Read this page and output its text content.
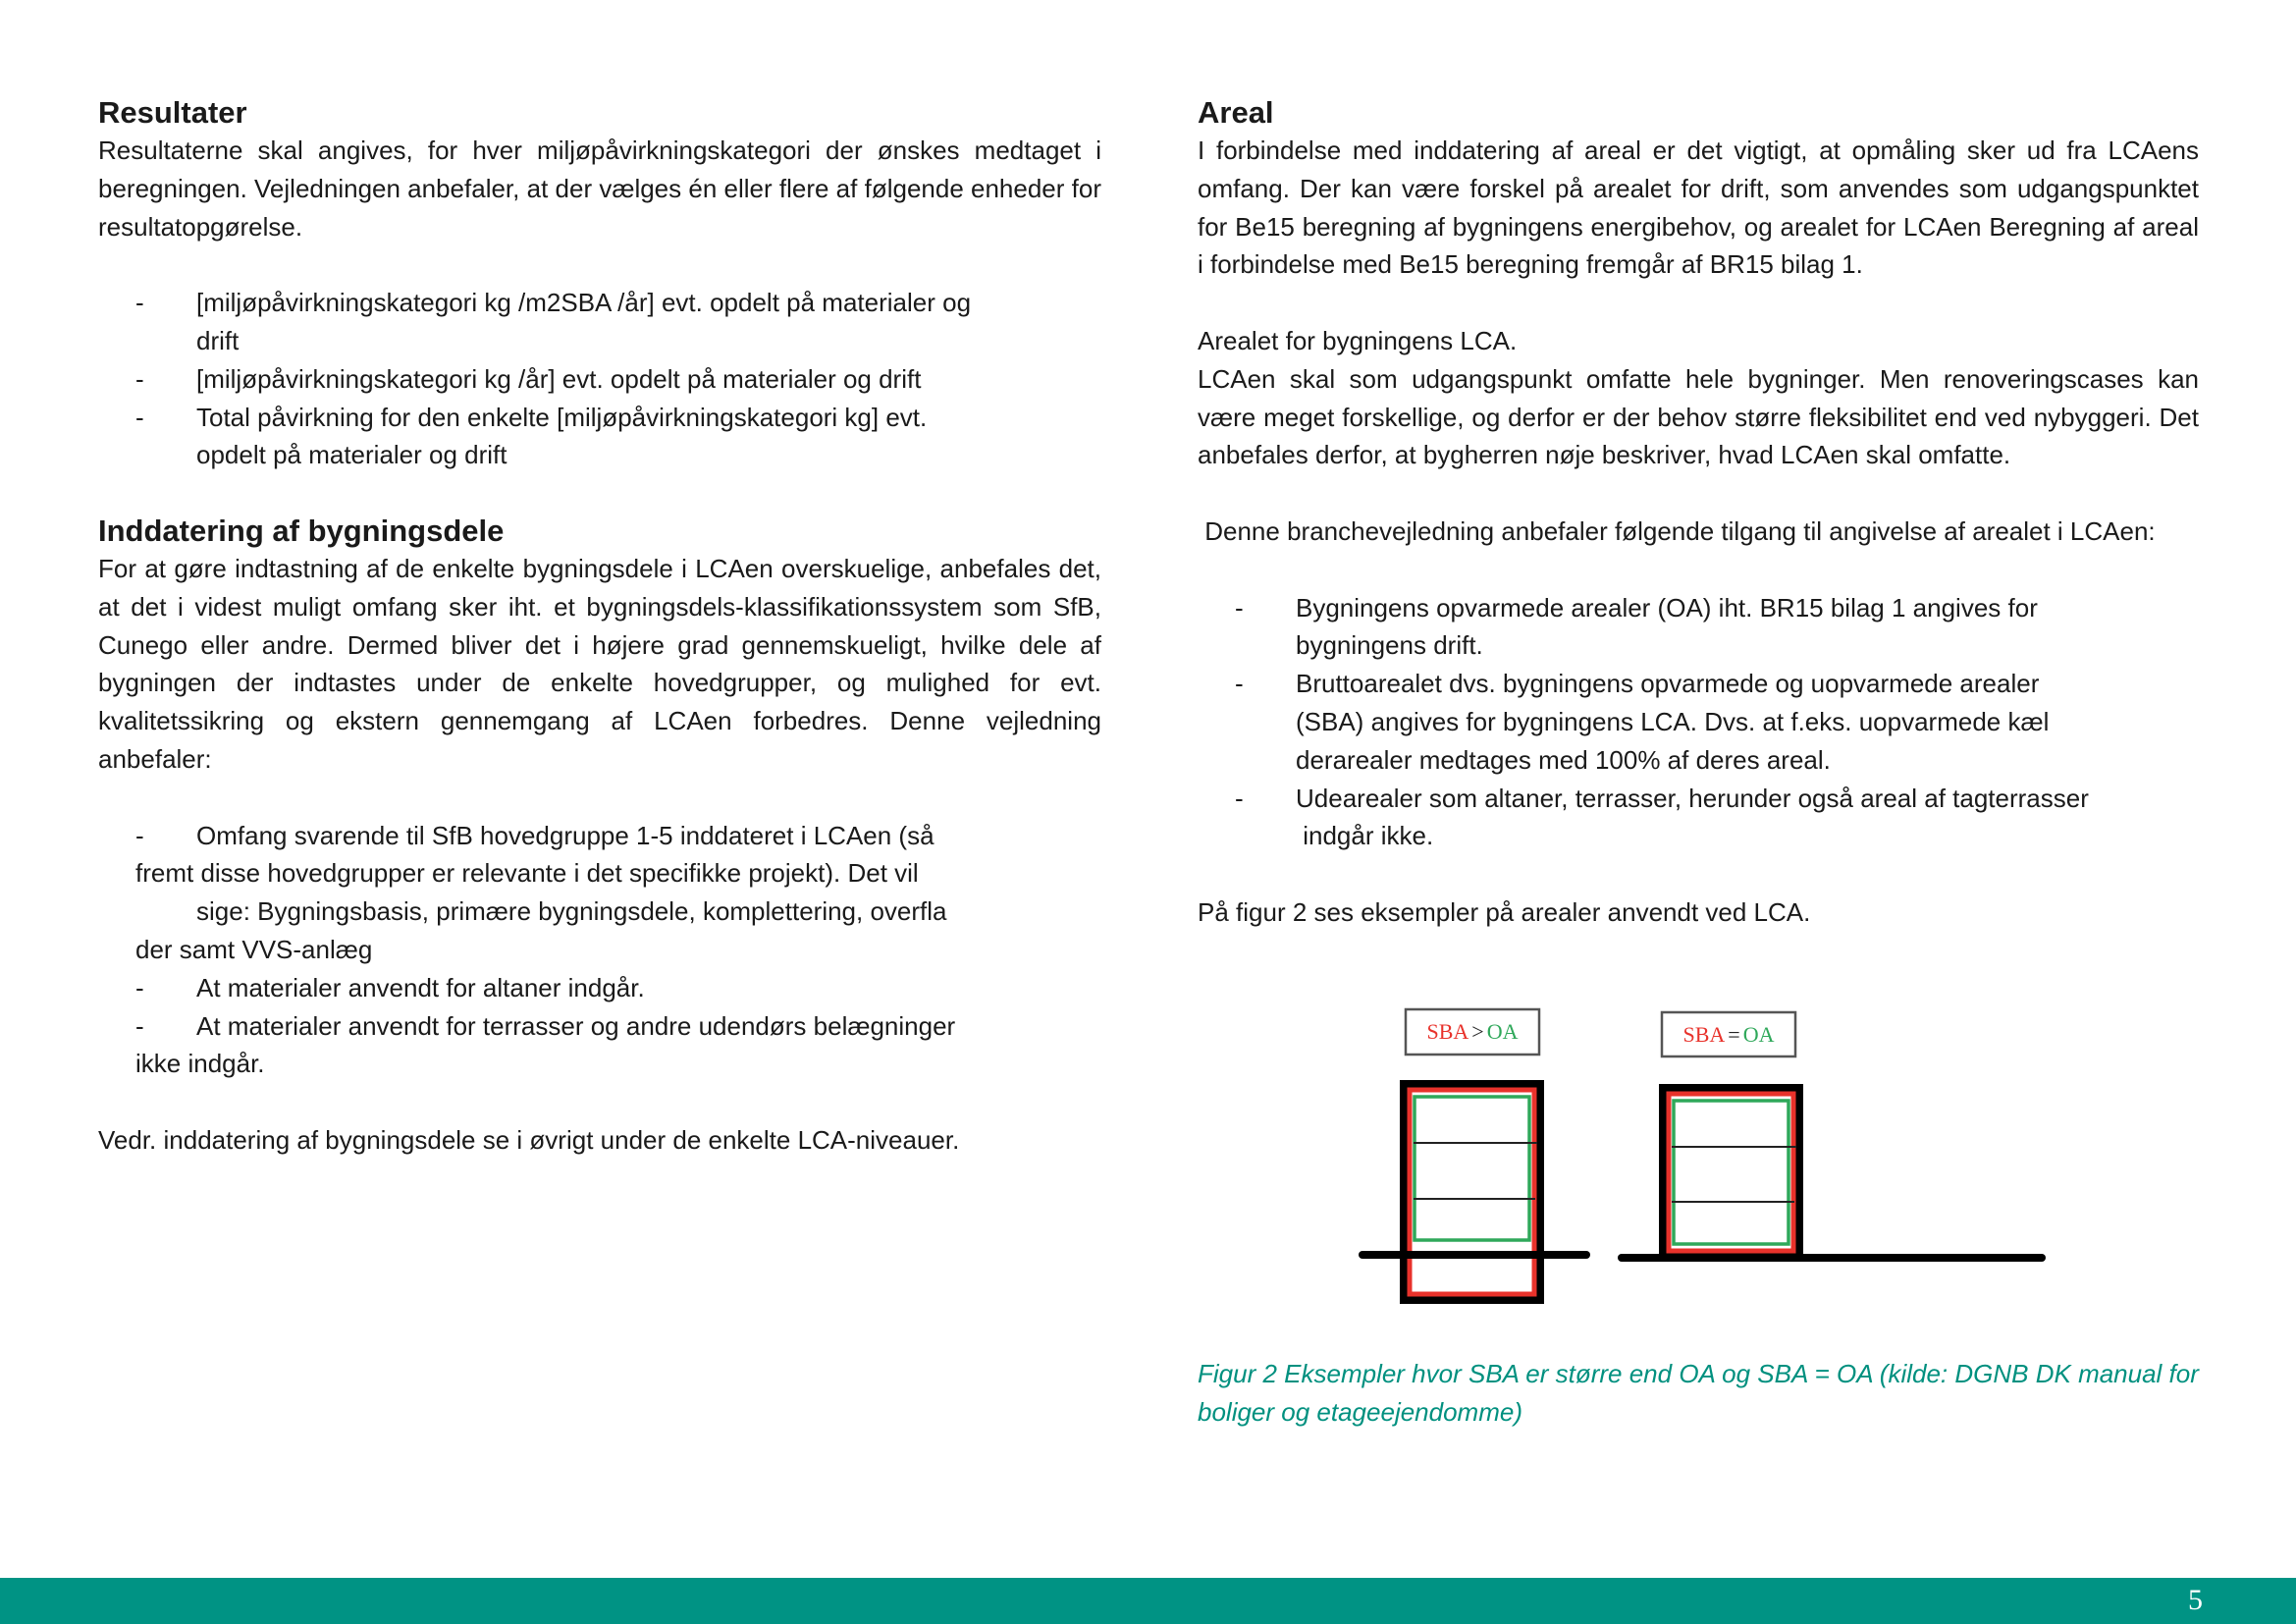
Resultater

Resultaterne skal angives, for hver miljøpåvirkningskategori der ønskes medtaget i beregningen. Vejledningen anbefaler, at der vælges én eller flere af følgende enheder for resultatopgørelse.

- [miljøpåvirkningskategori kg /m2SBA /år] evt. opdelt på materialer og
drift
- [miljøpåvirkningskategori kg /år] evt. opdelt på materialer og drift
- Total påvirkning for den enkelte [miljøpåvirkningskategori kg] evt.
opdelt på materialer og drift
Inddatering af bygningsdele

For at gøre indtastning af de enkelte bygningsdele i LCAen overskuelige, anbefales det, at det i videst muligt omfang sker iht. et bygningsdels-klassifikationssystem som SfB, Cunego eller andre. Dermed bliver det i højere grad gennemskueligt, hvilke dele af bygningen der indtastes under de enkelte hovedgrupper, og mulighed for evt. kvalitetssikring og ekstern gennemgang af LCAen forbedres. Denne vejledning anbefaler:

- Omfang svarende til SfB hovedgruppe 1-5 inddateret i LCAen (så
fremt disse hovedgrupper er relevante i det specifikke projekt). Det vil
sige: Bygningsbasis, primære bygningsdele, komplettering, overfla
der samt VVS-anlæg
- At materialer anvendt for altaner indgår.
- At materialer anvendt for terrasser og andre udendørs belægninger
ikke indgår.

Vedr. inddatering af bygningsdele se i øvrigt under de enkelte LCA-niveauer.

Areal

I forbindelse med inddatering af areal er det vigtigt, at opmåling sker ud fra LCAens omfang. Der kan være forskel på arealet for drift, som anvendes som udgangspunktet for Be15 beregning af bygningens energibehov, og arealet for LCAen Beregning af areal i forbindelse med Be15 beregning fremgår af BR15 bilag 1.

Arealet for bygningens LCA.

LCAen skal som udgangspunkt omfatte hele bygninger. Men renoveringscases kan være meget forskellige, og derfor er der behov større fleksibilitet end ved nybyggeri. Det anbefales derfor, at bygherren nøje beskriver, hvad LCAen skal omfatte.

Denne branchevejledning anbefaler følgende tilgang til angivelse af arealet i LCAen:

- Bygningens opvarmede arealer (OA) iht. BR15 bilag 1 angives for
bygningens drift.
- Bruttoarealet dvs. bygningens opvarmede og uopvarmede arealer
(SBA) angives for bygningens LCA. Dvs. at f.eks. uopvarmede kæl
derarealer medtages med 100% af deres areal.
- Udearealer som altaner, terrasser, herunder også areal af tagterrasser
indgår ikke.

På figur 2 ses eksempler på arealer anvendt ved LCA.

SBA > OA	SBA = OA
Figur 2 Eksempler hvor SBA er større end OA og SBA = OA (kilde: DGNB DK manual for boliger og etageejendomme)
5
